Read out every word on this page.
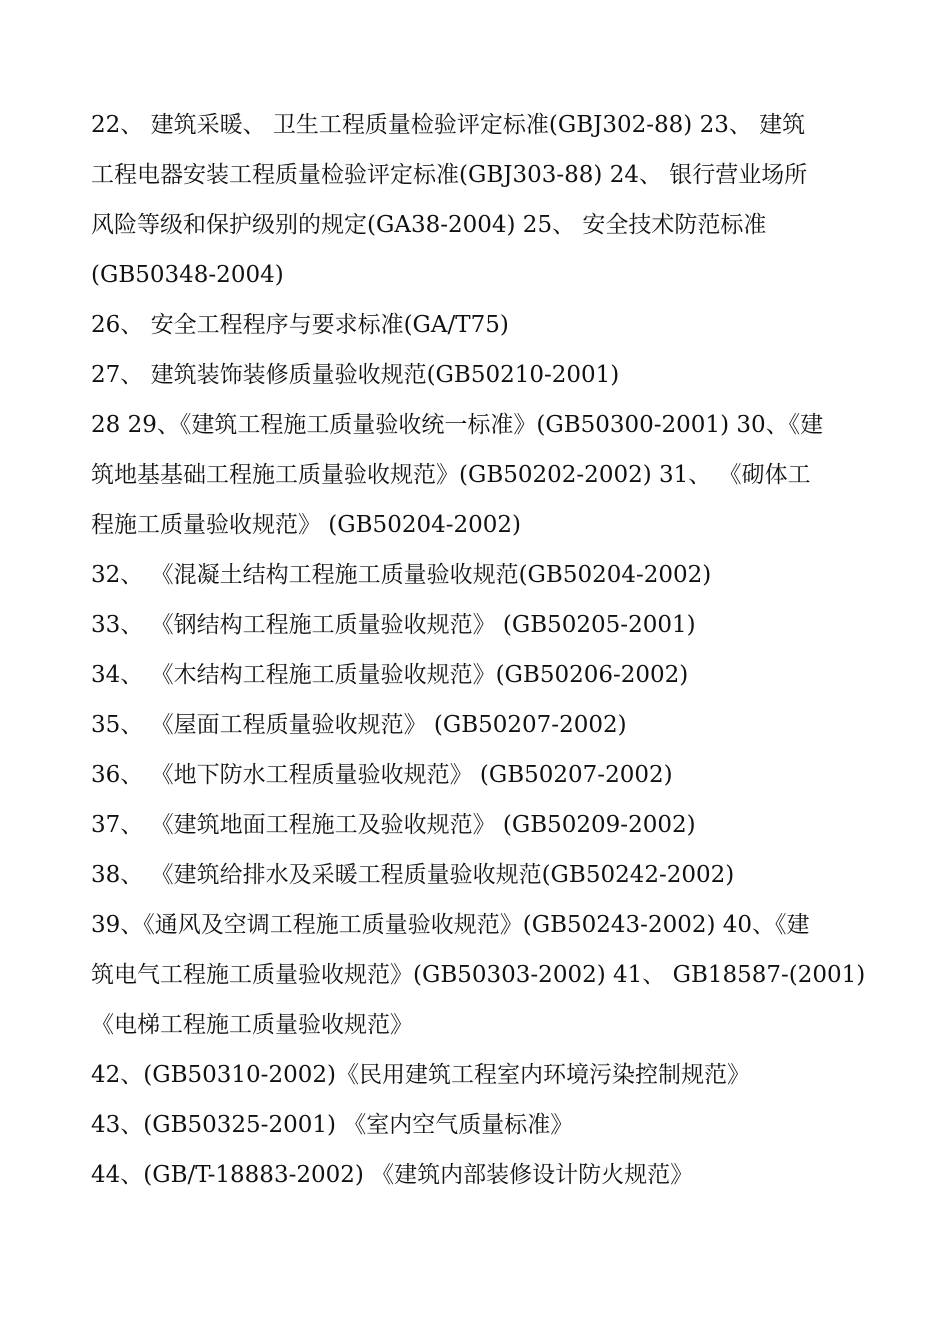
22、 建筑采暖、 卫生工程质量检验评定标准(GBJ302-88) 23、 建筑
工程电器安装工程质量检验评定标准(GBJ303-88) 24、 银行营业场所
风险等级和保护级别的规定(GA38-2004) 25、 安全技术防范标准
(GB50348-2004)
26、 安全工程程序与要求标准(GA/T75)
27、 建筑装饰装修质量验收规范(GB50210-2001)
28 29、《建筑工程施工质量验收统一标准》(GB50300-2001) 30、《建
筑地基基础工程施工质量验收规范》(GB50202-2002) 31、 《砌体工
程施工质量验收规范》 (GB50204-2002)
32、 《混凝土结构工程施工质量验收规范(GB50204-2002)
33、 《钢结构工程施工质量验收规范》 (GB50205-2001)
34、 《木结构工程施工质量验收规范》(GB50206-2002)
35、 《屋面工程质量验收规范》 (GB50207-2002)
36、 《地下防水工程质量验收规范》 (GB50207-2002)
37、 《建筑地面工程施工及验收规范》 (GB50209-2002)
38、 《建筑给排水及采暖工程质量验收规范(GB50242-2002)
39、《通风及空调工程施工质量验收规范》(GB50243-2002) 40、《建
筑电气工程施工质量验收规范》(GB50303-2002) 41、 GB18587-(2001)
《电梯工程施工质量验收规范》
42、(GB50310-2002)《民用建筑工程室内环境污染控制规范》
43、(GB50325-2001) 《室内空气质量标准》
44、(GB/T-18883-2002) 《建筑内部装修设计防火规范》
